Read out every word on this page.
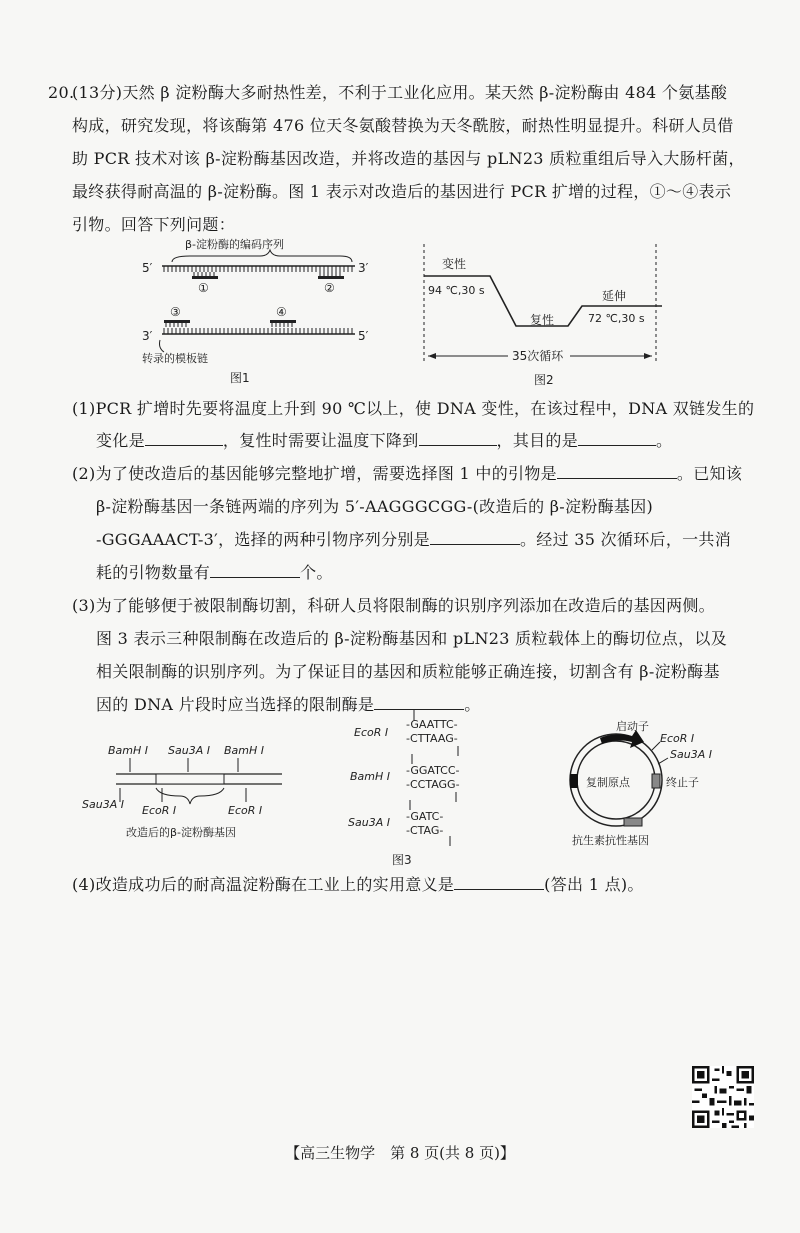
20.
(13分)天然 β 淀粉酶大多耐热性差，不利于工业化应用。某天然 β-淀粉酶由 484 个氨基酸
构成，研究发现，将该酶第 476 位天冬氨酸替换为天冬酰胺，耐热性明显提升。科研人员借
助 PCR 技术对该 β-淀粉酶基因改造，并将改造的基因与 pLN23 质粒重组后导入大肠杆菌，
最终获得耐高温的 β-淀粉酶。图 1 表示对改造后的基因进行 PCR 扩增的过程，①～④表示
引物。回答下列问题：
β-淀粉酶的编码序列
5′	3′
①	②
③	④
3′	5′
转录的模板链
图1
变性
94 ℃,30 s
复性
延伸
72 ℃,30 s
35次循环
图2
(1)PCR 扩增时先要将温度上升到 90 ℃以上，使 DNA 变性，在该过程中，DNA 双链发生的
变化是	，复性时需要让温度下降到	，其目的是	。
(2)为了使改造后的基因能够完整地扩增，需要选择图 1 中的引物是	。已知该
β-淀粉酶基因一条链两端的序列为 5′-AAGGGCGG-(改造后的 β-淀粉酶基因)
-GGGAAACT-3′，选择的两种引物序列分别是	。经过 35 次循环后，一共消
耗的引物数量有	个。
(3)为了能够便于被限制酶切割，科研人员将限制酶的识别序列添加在改造后的基因两侧。
图 3 表示三种限制酶在改造后的 β-淀粉酶基因和 pLN23 质粒载体上的酶切位点，以及
相关限制酶的识别序列。为了保证目的基因和质粒能够正确连接，切割含有 β-淀粉酶基
因的 DNA 片段时应当选择的限制酶是	。
BamH Ⅰ Sau3A Ⅰ BamH Ⅰ
Sau3A Ⅰ EcoR Ⅰ	EcoR Ⅰ
改造后的β-淀粉酶基因
EcoR Ⅰ
-GAATTC-
-CTTAAG-
BamH Ⅰ -GGATCC-
-CCTAGG-
Sau3A Ⅰ -GATC-
-CTAG-
图3
启动子
EcoR Ⅰ
Sau3A Ⅰ
终止子
复制原点
抗生素抗性基因
(4)改造成功后的耐高温淀粉酶在工业上的实用意义是	(答出 1 点)。
【高三生物学　第 8 页(共 8 页)】
